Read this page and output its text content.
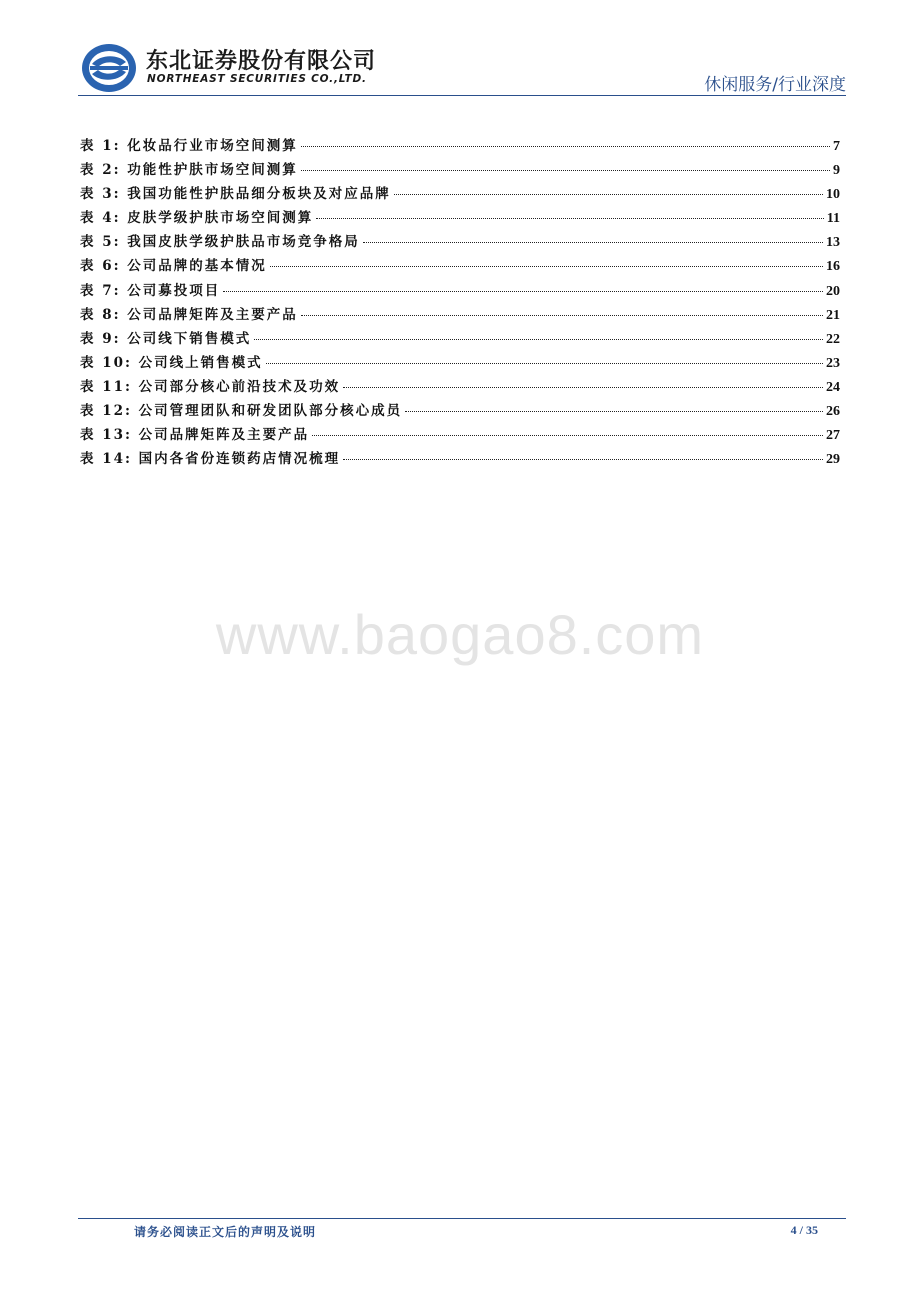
东北证券股份有限公司
NORTHEAST SECURITIES CO.,LTD.	休闲服务/行业深度
表 1: 化妆品行业市场空间测算	7
表 2: 功能性护肤市场空间测算	9
表 3: 我国功能性护肤品细分板块及对应品牌	10
表 4: 皮肤学级护肤市场空间测算	11
表 5: 我国皮肤学级护肤品市场竞争格局	13
表 6: 公司品牌的基本情况	16
表 7: 公司募投项目	20
表 8: 公司品牌矩阵及主要产品	21
表 9: 公司线下销售模式	22
表 10: 公司线上销售模式	23
表 11: 公司部分核心前沿技术及功效	24
表 12: 公司管理团队和研发团队部分核心成员	26
表 13: 公司品牌矩阵及主要产品	27
表 14: 国内各省份连锁药店情况梳理	29
www.baogao8.com
请务必阅读正文后的声明及说明	4 / 35
